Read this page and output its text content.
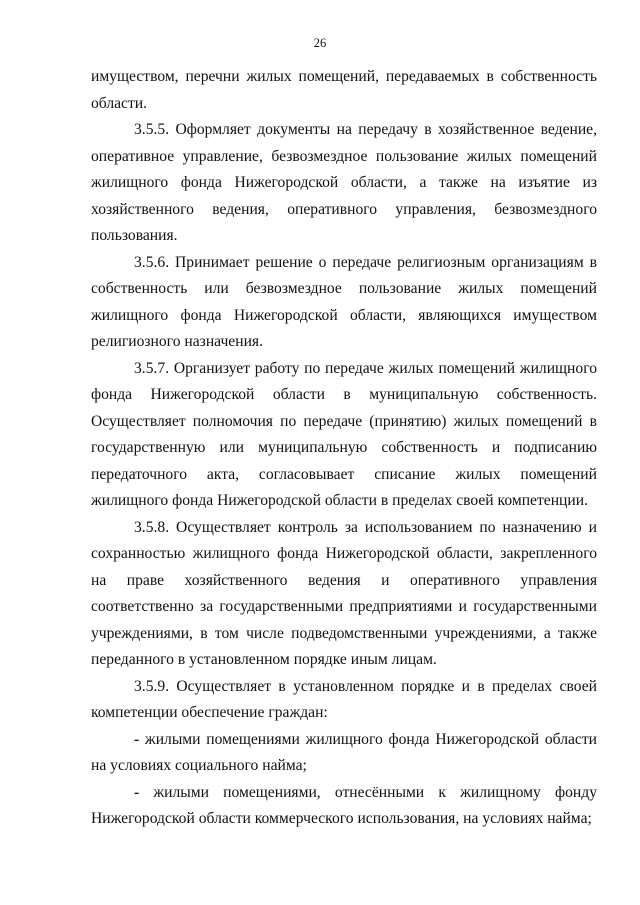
26

имуществом, перечни жилых помещений, передаваемых в собственность области.

3.5.5. Оформляет документы на передачу в хозяйственное ведение, оперативное управление, безвозмездное пользование жилых помещений жилищного фонда Нижегородской области, а также на изъятие из хозяйственного ведения, оперативного управления, безвозмездного пользования.

3.5.6. Принимает решение о передаче религиозным организациям в собственность или безвозмездное пользование жилых помещений жилищного фонда Нижегородской области, являющихся имуществом религиозного назначения.

3.5.7. Организует работу по передаче жилых помещений жилищного фонда Нижегородской области в муниципальную собственность. Осуществляет полномочия по передаче (принятию) жилых помещений в государственную или муниципальную собственность и подписанию передаточного акта, согласовывает списание жилых помещений жилищного фонда Нижегородской области в пределах своей компетенции.

3.5.8. Осуществляет контроль за использованием по назначению и сохранностью жилищного фонда Нижегородской области, закрепленного на праве хозяйственного ведения и оперативного управления соответственно за государственными предприятиями и государственными учреждениями, в том числе подведомственными учреждениями, а также переданного в установленном порядке иным лицам.

3.5.9. Осуществляет в установленном порядке и в пределах своей компетенции обеспечение граждан:

- жилыми помещениями жилищного фонда Нижегородской области на условиях социального найма;

- жилыми помещениями, отнесёнными к жилищному фонду Нижегородской области коммерческого использования, на условиях найма;
